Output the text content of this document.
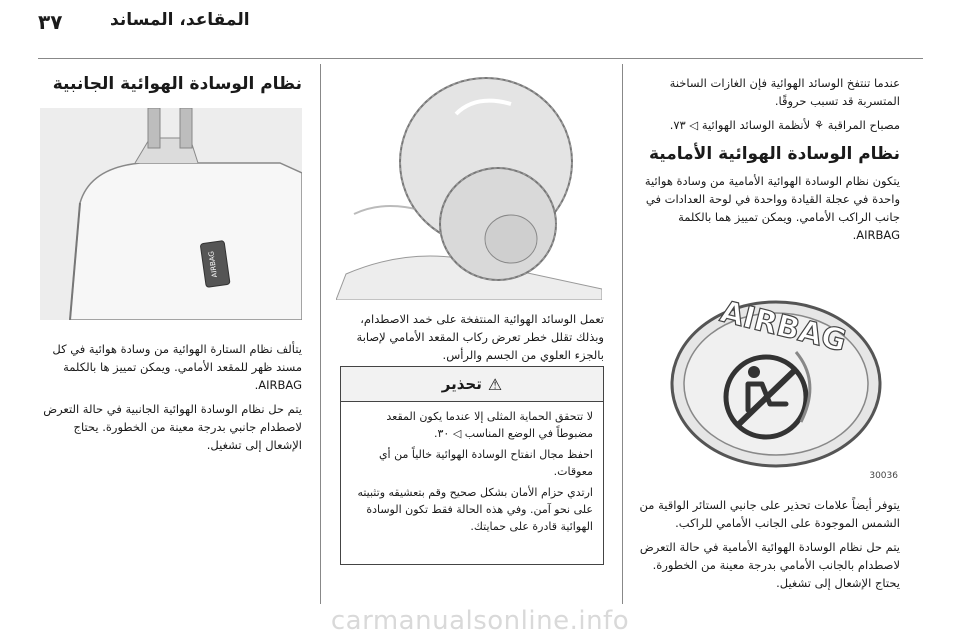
٣٧	المقاعد، المساند

عندما تنتفخ الوسائد الهوائية فإن الغازات الساخنة المتسربة قد تسبب حروقًا.

مصباح المراقبة ⚘ لأنظمة الوسائد الهوائية ◁ ٧٣.

نظام الوسادة الهوائية الأمامية

يتكون نظام الوسادة الهوائية الأمامية من وسادة هوائية واحدة في عجلة القيادة وواحدة في لوحة العدادات في جانب الراكب الأمامي. ويمكن تمييز هما بالكلمة AIRBAG.

AIRBAG
30036

يتوفر أيضاً علامات تحذير على جانبي الستائر الواقية من الشمس الموجودة على الجانب الأمامي للراكب.

يتم حل نظام الوسادة الهوائية الأمامية في حالة التعرض لاصطدام بالجانب الأمامي بدرجة معينة من الخطورة. يحتاج الإشعال إلى تشغيل.

تعمل الوسائد الهوائية المنتفخة على خمد الاصطدام، وبذلك تقلل خطر تعرض ركاب المقعد الأمامي لإصابة بالجزء العلوي من الجسم والرأس.

⚠
تحذير

لا تتحقق الحماية المثلى إلا عندما يكون المقعد مضبوطاً في الوضع المناسب ◁ ٣٠.

احفظ مجال انفتاح الوسادة الهوائية خالياً من أي معوقات.

ارتدي حزام الأمان بشكل صحيح وقم بتعشيقه وتثبيته على نحو آمن. وفي هذه الحالة فقط تكون الوسادة الهوائية قادرة على حمايتك.

نظام الوسادة الهوائية الجانبية
AIRBAG

يتألف نظام الستارة الهوائية من وسادة هوائية في كل مسند ظهر للمقعد الأمامي. ويمكن تمييز ها بالكلمة AIRBAG.

يتم حل نظام الوسادة الهوائية الجانبية في حالة التعرض لاصطدام جانبي بدرجة معينة من الخطورة. يحتاج الإشعال إلى تشغيل.

carmanualsonline.info
